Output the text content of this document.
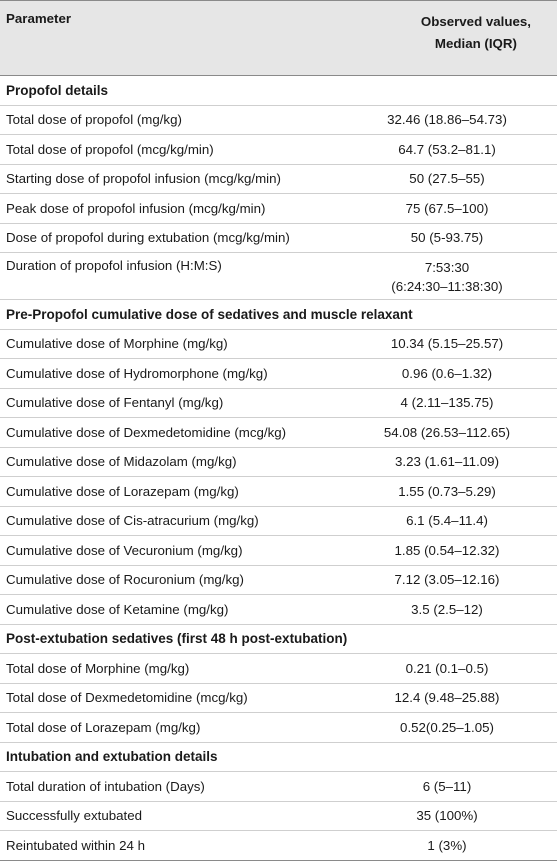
Parameter	Observed values,
Median (IQR)
Propofol details
Total dose of propofol (mg/kg)	32.46 (18.86–54.73)
Total dose of propofol (mcg/kg/min)	64.7 (53.2–81.1)
Starting dose of propofol infusion (mcg/kg/min)	50 (27.5–55)
Peak dose of propofol infusion (mcg/kg/min)	75 (67.5–100)
Dose of propofol during extubation (mcg/kg/min)	50 (5-93.75)
Duration of propofol infusion (H:M:S)	7:53:30
(6:24:30–11:38:30)
Pre-Propofol cumulative dose of sedatives and muscle relaxant
Cumulative dose of Morphine (mg/kg)	10.34 (5.15–25.57)
Cumulative dose of Hydromorphone (mg/kg)	0.96 (0.6–1.32)
Cumulative dose of Fentanyl (mg/kg)	4 (2.11–135.75)
Cumulative dose of Dexmedetomidine (mcg/kg)	54.08 (26.53–112.65)
Cumulative dose of Midazolam (mg/kg)	3.23 (1.61–11.09)
Cumulative dose of Lorazepam (mg/kg)	1.55 (0.73–5.29)
Cumulative dose of Cis-atracurium (mg/kg)	6.1 (5.4–11.4)
Cumulative dose of Vecuronium (mg/kg)	1.85 (0.54–12.32)
Cumulative dose of Rocuronium (mg/kg)	7.12 (3.05–12.16)
Cumulative dose of Ketamine (mg/kg)	3.5 (2.5–12)
Post-extubation sedatives (first 48 h post-extubation)
Total dose of Morphine (mg/kg)	0.21 (0.1–0.5)
Total dose of Dexmedetomidine (mcg/kg)	12.4 (9.48–25.88)
Total dose of Lorazepam (mg/kg)	0.52(0.25–1.05)
Intubation and extubation details
Total duration of intubation (Days)	6 (5–11)
Successfully extubated	35 (100%)
Reintubated within 24 h	1 (3%)
